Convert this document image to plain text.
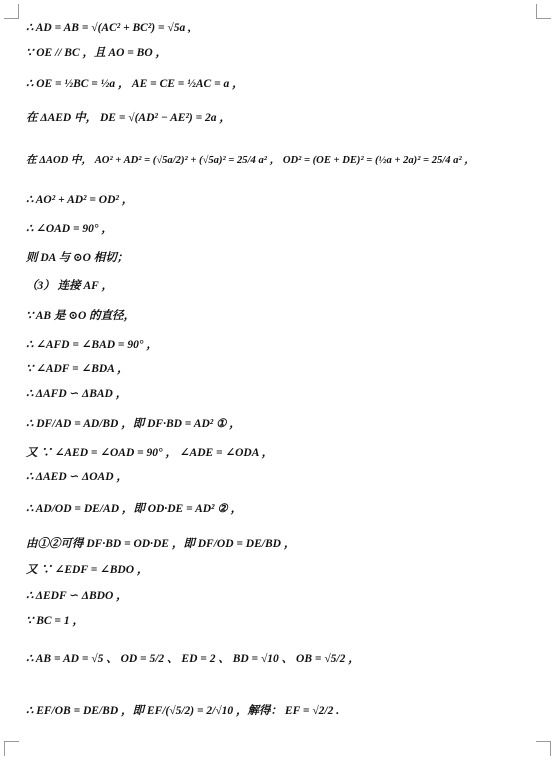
∴ AD = AB = √(AC² + BC²) = √5a ,
∵ OE // BC ，且 AO = BO ，
∴ OE = ½BC = ½a ， AE = CE = ½AC = a ，
在 ΔAED 中， DE = √(AD² − AE²) = 2a ，
在 ΔAOD 中， AO² + AD² = (√5a/2)² + (√5a)² = 25/4 a² ， OD² = (OE + DE)² = (½a + 2a)² = 25/4 a² ，
∴ AO² + AD² = OD² ，
∴ ∠OAD = 90° ，
则 DA 与 ⊙O 相切；
（3） 连接 AF ，
∵ AB 是 ⊙O 的直径，
∴ ∠AFD = ∠BAD = 90° ，
∵ ∠ADF = ∠BDA ，
∴ ΔAFD ∽ ΔBAD ，
∴ DF/AD = AD/BD ，即 DF·BD = AD² ① ，
又 ∵ ∠AED = ∠OAD = 90° ， ∠ADE = ∠ODA ，
∴ ΔAED ∽ ΔOAD ，
∴ AD/OD = DE/AD ，即 OD·DE = AD² ② ，
由①②可得 DF·BD = OD·DE ，即 DF/OD = DE/BD ，
又 ∵ ∠EDF = ∠BDO ，
∴ ΔEDF ∽ ΔBDO ，
∵ BC = 1 ，
∴ AB = AD = √5 、 OD = 5/2 、 ED = 2 、 BD = √10 、 OB = √5/2 ，
∴ EF/OB = DE/BD ，即 EF/(√5/2) = 2/√10 ，解得： EF = √2/2 .
